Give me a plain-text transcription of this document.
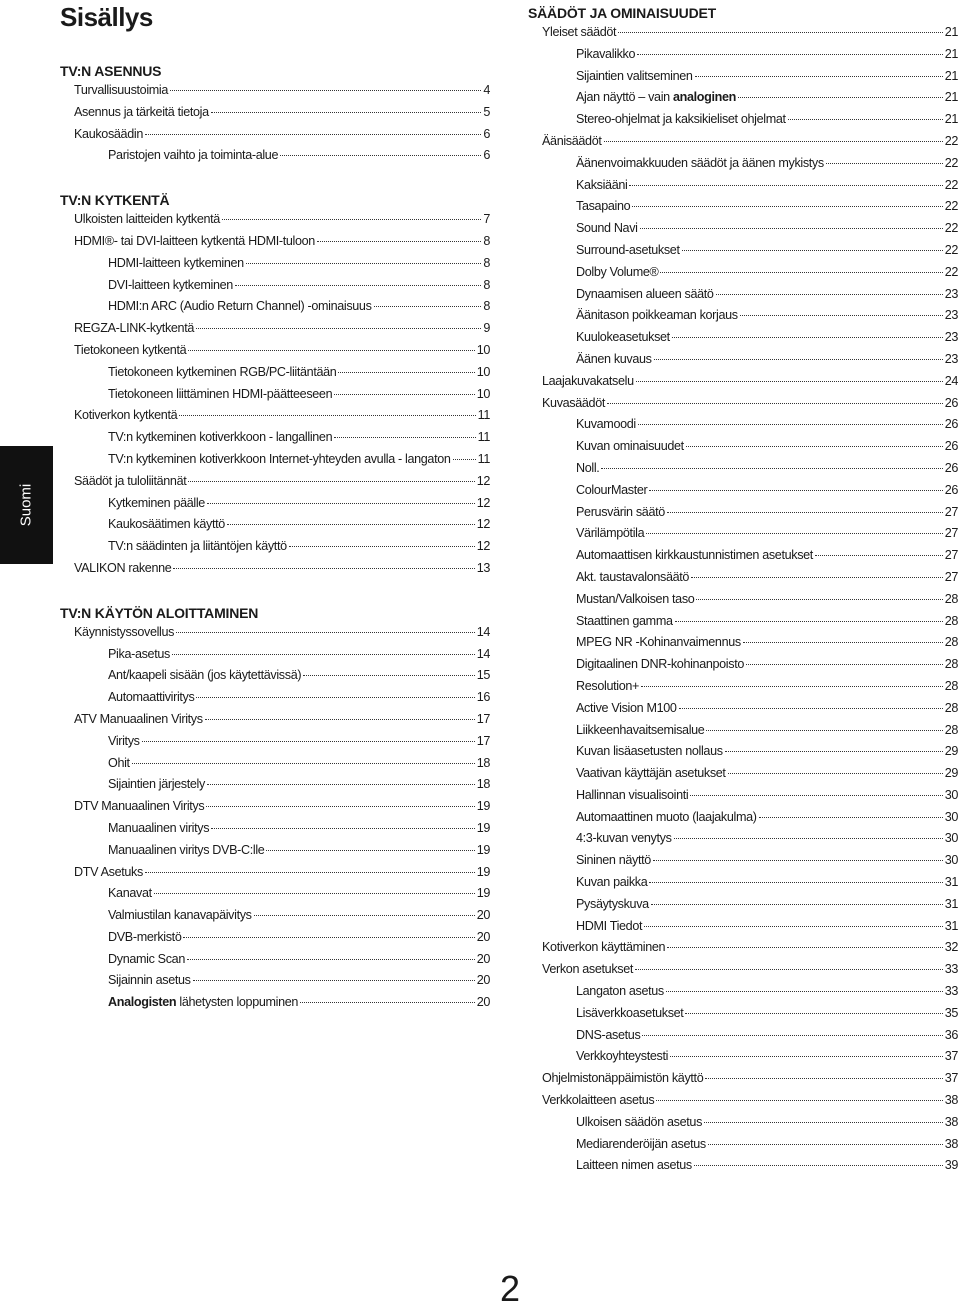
Sisällys
Suomi
TV:N ASENNUS
Turvallisuustoimia	4
Asennus ja tärkeitä tietoja	5
Kaukosäädin	6
Paristojen vaihto ja toiminta-alue	6
TV:N KYTKENTÄ
Ulkoisten laitteiden kytkentä	7
HDMI®- tai DVI-laitteen kytkentä HDMI-tuloon	8
HDMI-laitteen kytkeminen	8
DVI-laitteen kytkeminen	8
HDMI:n ARC (Audio Return Channel) -ominaisuus	8
REGZA-LINK-kytkentä	9
Tietokoneen kytkentä	10
Tietokoneen kytkeminen RGB/PC-liitäntään	10
Tietokoneen liittäminen HDMI-päätteeseen	10
Kotiverkon kytkentä	11
TV:n kytkeminen kotiverkkoon - langallinen	11
TV:n kytkeminen kotiverkkoon Internet-yhteyden avulla - langaton 11
Säädöt ja tuloliitännät	12
Kytkeminen päälle	12
Kaukosäätimen käyttö	12
TV:n säädinten ja liitäntöjen käyttö	12
VALIKON rakenne	13
TV:N KÄYTÖN ALOITTAMINEN
Käynnistyssovellus	14
Pika-asetus	14
Ant/kaapeli sisään (jos käytettävissä)	15
Automaattiviritys	16
ATV Manuaalinen Viritys	17
Viritys	17
Ohit	18
Sijaintien järjestely	18
DTV Manuaalinen Viritys	19
Manuaalinen viritys	19
Manuaalinen viritys DVB-C:lle	19
DTV Asetuks	19
Kanavat	19
Valmiustilan kanavapäivitys	20
DVB-merkistö	20
Dynamic Scan	20
Sijainnin asetus	20
Analogisten lähetysten loppuminen	20
SÄÄDÖT JA OMINAISUUDET
Yleiset säädöt	21
Pikavalikko	21
Sijaintien valitseminen	21
Ajan näyttö – vain analoginen	21
Stereo-ohjelmat ja kaksikieliset ohjelmat	21
Äänisäädöt	22
Äänenvoimakkuuden säädöt ja äänen mykistys	22
Kaksiääni	22
Tasapaino	22
Sound Navi	22
Surround-asetukset	22
Dolby Volume®	22
Dynaamisen alueen säätö	23
Äänitason poikkeaman korjaus	23
Kuulokeasetukset	23
Äänen kuvaus	23
Laajakuvakatselu	24
Kuvasäädöt	26
Kuvamoodi	26
Kuvan ominaisuudet	26
Noll.	26
ColourMaster	26
Perusvärin säätö	27
Värilämpötila	27
Automaattisen kirkkaustunnistimen asetukset	27
Akt. taustavalonsäätö	27
Mustan/Valkoisen taso	28
Staattinen gamma	28
MPEG NR -Kohinanvaimennus	28
Digitaalinen DNR-kohinanpoisto	28
Resolution+	28
Active Vision M100	28
Liikkeenhavaitsemisalue	28
Kuvan lisäasetusten nollaus	29
Vaativan käyttäjän asetukset	29
Hallinnan visualisointi	30
Automaattinen muoto (laajakulma)	30
4:3-kuvan venytys	30
Sininen näyttö	30
Kuvan paikka	31
Pysäytyskuva	31
HDMI Tiedot	31
Kotiverkon käyttäminen	32
Verkon asetukset	33
Langaton asetus	33
Lisäverkkoasetukset	35
DNS-asetus	36
Verkkoyhteystesti	37
Ohjelmistonäppäimistön käyttö	37
Verkkolaitteen asetus	38
Ulkoisen säädön asetus	38
Mediarenderöijän asetus	38
Laitteen nimen asetus	39
2
